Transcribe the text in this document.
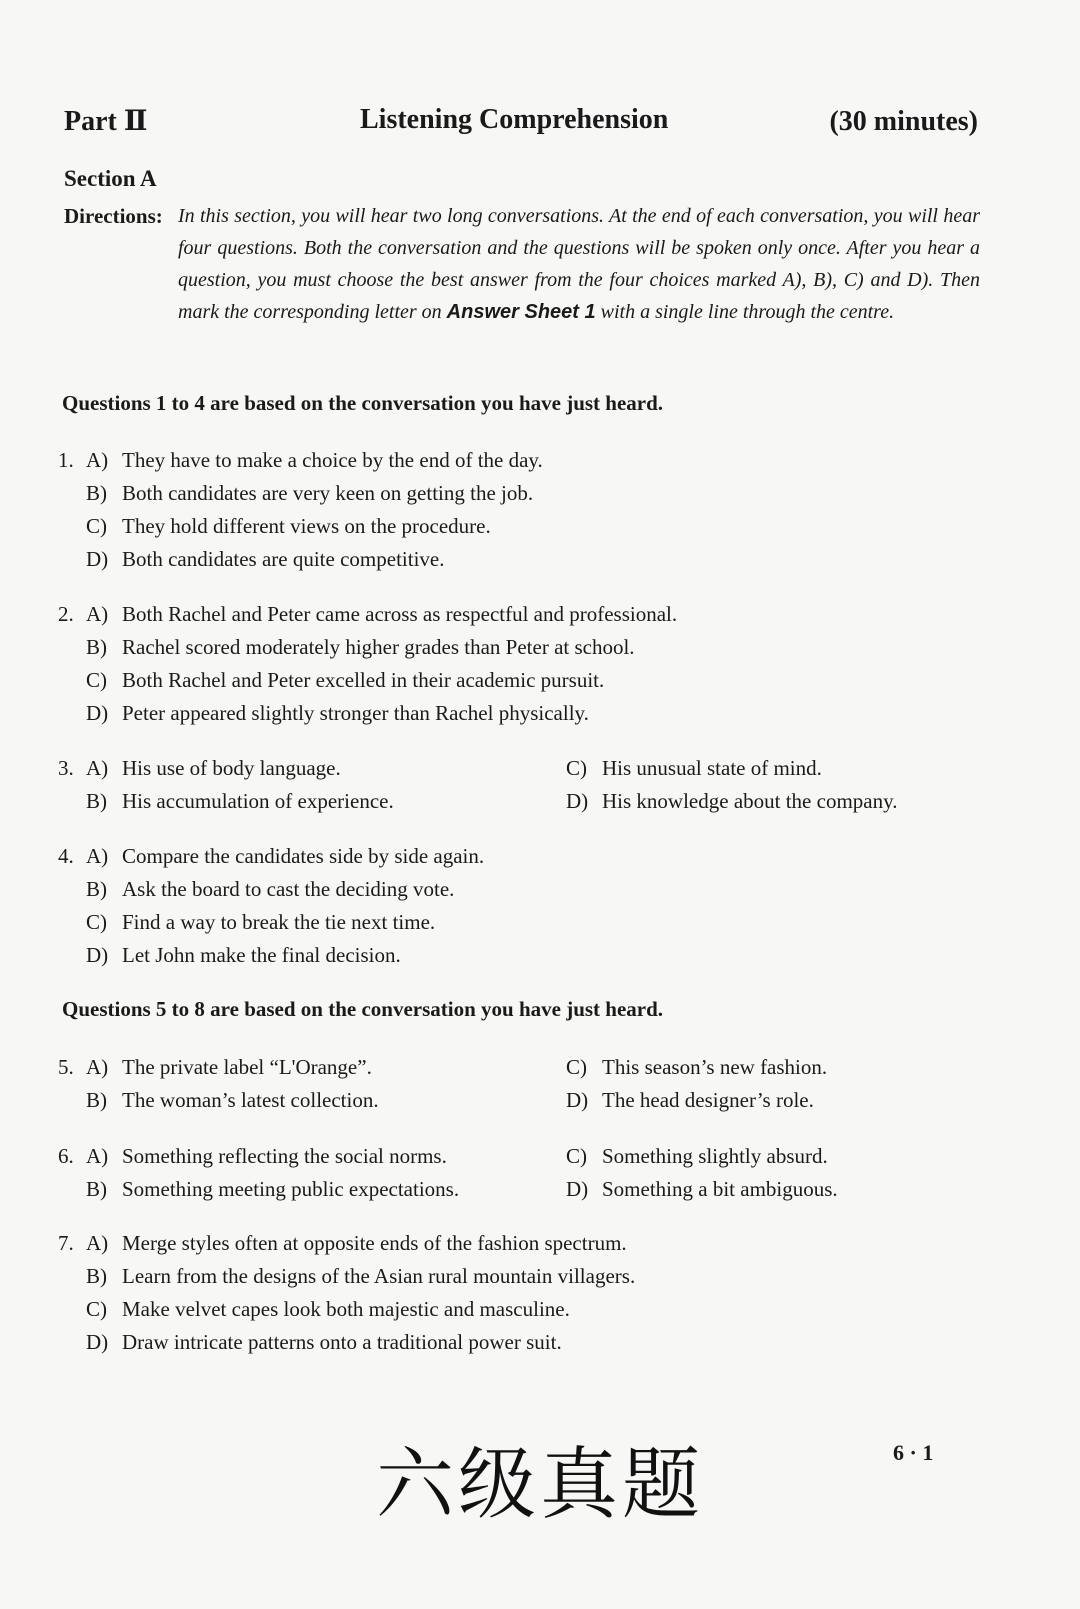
Part Ⅱ	Listening Comprehension	(30 minutes)
Section A
Directions: In this section, you will hear two long conversations. At the end of each conversation, you will hear four questions. Both the conversation and the questions will be spoken only once. After you hear a question, you must choose the best answer from the four choices marked A), B), C) and D). Then mark the corresponding letter on Answer Sheet 1 with a single line through the centre.
Questions 1 to 4 are based on the conversation you have just heard.
1. A) They have to make a choice by the end of the day.
B) Both candidates are very keen on getting the job.
C) They hold different views on the procedure.
D) Both candidates are quite competitive.
2. A) Both Rachel and Peter came across as respectful and professional.
B) Rachel scored moderately higher grades than Peter at school.
C) Both Rachel and Peter excelled in their academic pursuit.
D) Peter appeared slightly stronger than Rachel physically.
3. A) His use of body language.	C) His unusual state of mind.
B) His accumulation of experience.	D) His knowledge about the company.
4. A) Compare the candidates side by side again.
B) Ask the board to cast the deciding vote.
C) Find a way to break the tie next time.
D) Let John make the final decision.
Questions 5 to 8 are based on the conversation you have just heard.
5. A) The private label “L'Orange”.	C) This season’s new fashion.
B) The woman’s latest collection.	D) The head designer’s role.
6. A) Something reflecting the social norms.	C) Something slightly absurd.
B) Something meeting public expectations.	D) Something a bit ambiguous.
7. A) Merge styles often at opposite ends of the fashion spectrum.
B) Learn from the designs of the Asian rural mountain villagers.
C) Make velvet capes look both majestic and masculine.
D) Draw intricate patterns onto a traditional power suit.
六级真题	6 · 1
